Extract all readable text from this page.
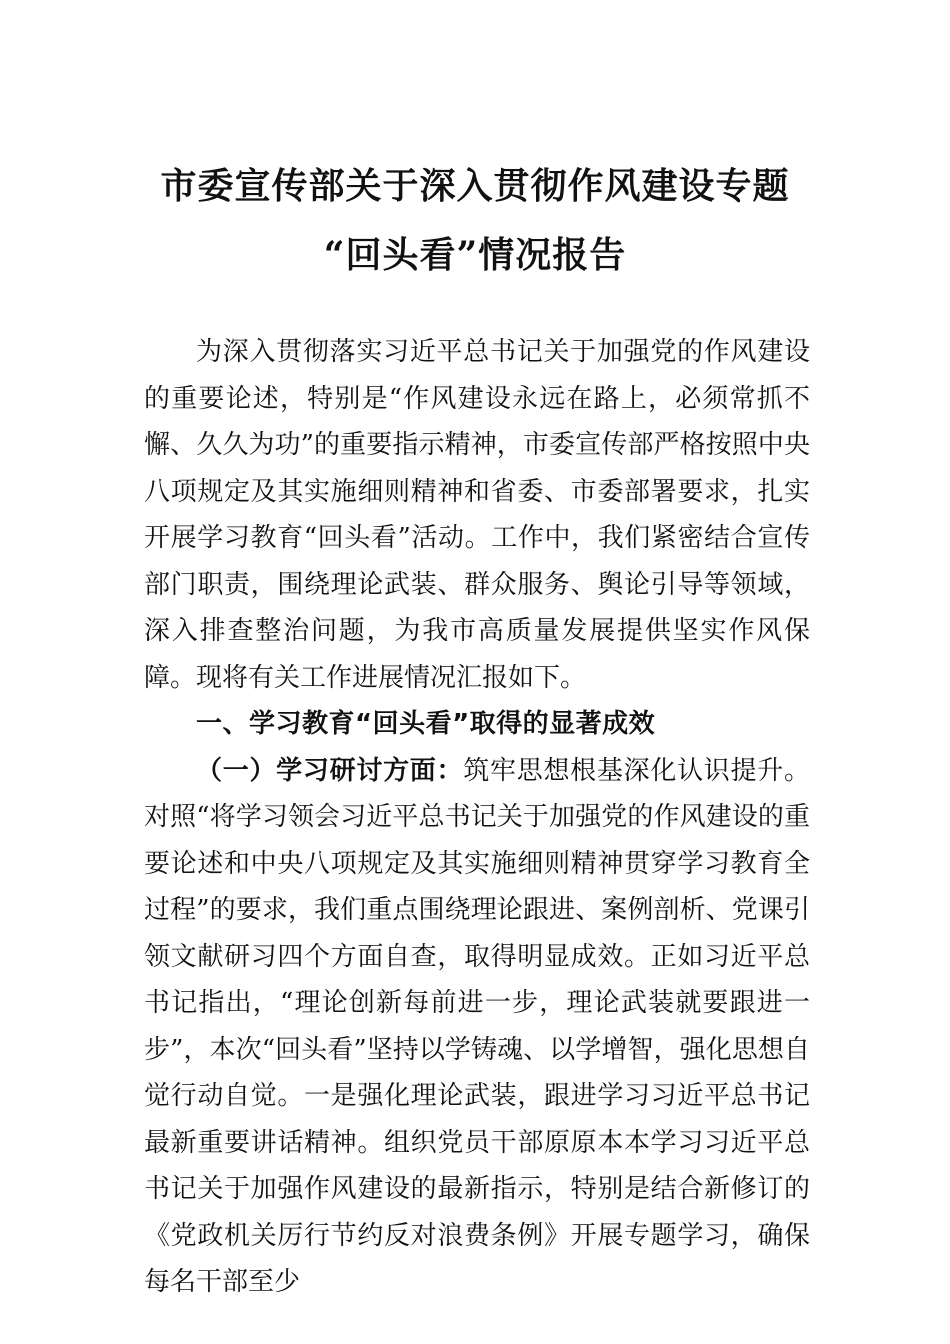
市委宣传部关于深入贯彻作风建设专题
“回头看”情况报告

为深入贯彻落实习近平总书记关于加强党的作风建设的重要论述，特别是“作风建设永远在路上，必须常抓不懈、久久为功”的重要指示精神，市委宣传部严格按照中央八项规定及其实施细则精神和省委、市委部署要求，扎实开展学习教育“回头看”活动。工作中，我们紧密结合宣传部门职责，围绕理论武装、群众服务、舆论引导等领域，深入排查整治问题，为我市高质量发展提供坚实作风保障。现将有关工作进展情况汇报如下。

一、学习教育“回头看”取得的显著成效

（一）学习研讨方面：筑牢思想根基深化认识提升。对照“将学习领会习近平总书记关于加强党的作风建设的重要论述和中央八项规定及其实施细则精神贯穿学习教育全过程”的要求，我们重点围绕理论跟进、案例剖析、党课引领文献研习四个方面自查，取得明显成效。正如习近平总书记指出，“理论创新每前进一步，理论武装就要跟进一步”，本次“回头看”坚持以学铸魂、以学增智，强化思想自觉行动自觉。一是强化理论武装，跟进学习习近平总书记最新重要讲话精神。组织党员干部原原本本学习习近平总书记关于加强作风建设的最新指示，特别是结合新修订的《党政机关厉行节约反对浪费条例》开展专题学习，确保每名干部至少
